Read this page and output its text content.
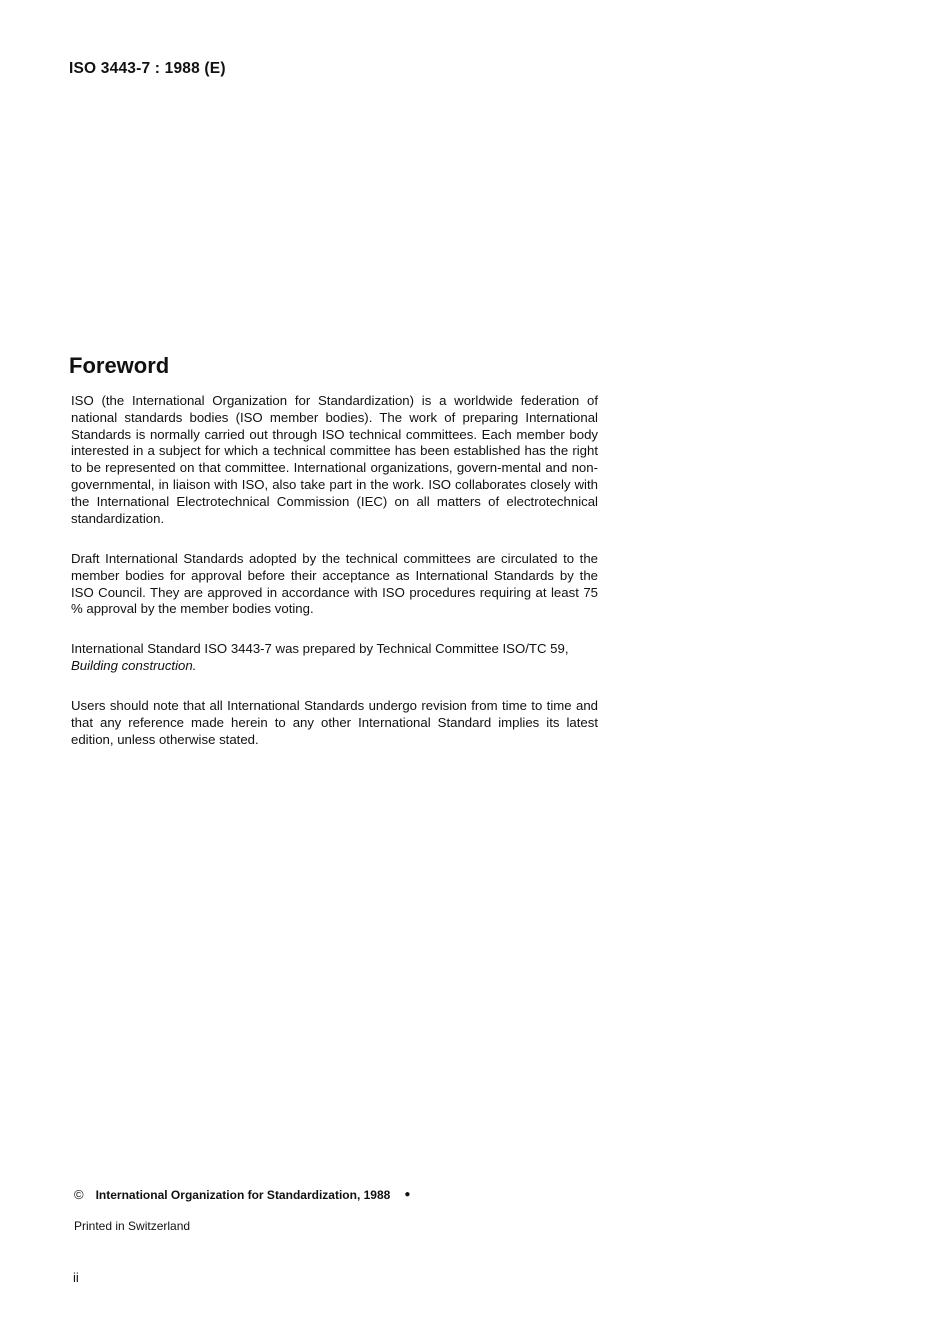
ISO 3443-7 : 1988 (E)
Foreword

ISO (the International Organization for Standardization) is a worldwide federation of national standards bodies (ISO member bodies). The work of preparing International Standards is normally carried out through ISO technical committees. Each member body interested in a subject for which a technical committee has been established has the right to be represented on that committee. International organizations, govern-mental and non-governmental, in liaison with ISO, also take part in the work. ISO collaborates closely with the International Electrotechnical Commission (IEC) on all matters of electrotechnical standardization.

Draft International Standards adopted by the technical committees are circulated to the member bodies for approval before their acceptance as International Standards by the ISO Council. They are approved in accordance with ISO procedures requiring at least 75 % approval by the member bodies voting.

International Standard ISO 3443-7 was prepared by Technical Committee ISO/TC 59,
Building construction.

Users should note that all International Standards undergo revision from time to time and that any reference made herein to any other International Standard implies its latest edition, unless otherwise stated.

© International Organization for Standardization, 1988 ●
Printed in Switzerland
ii
